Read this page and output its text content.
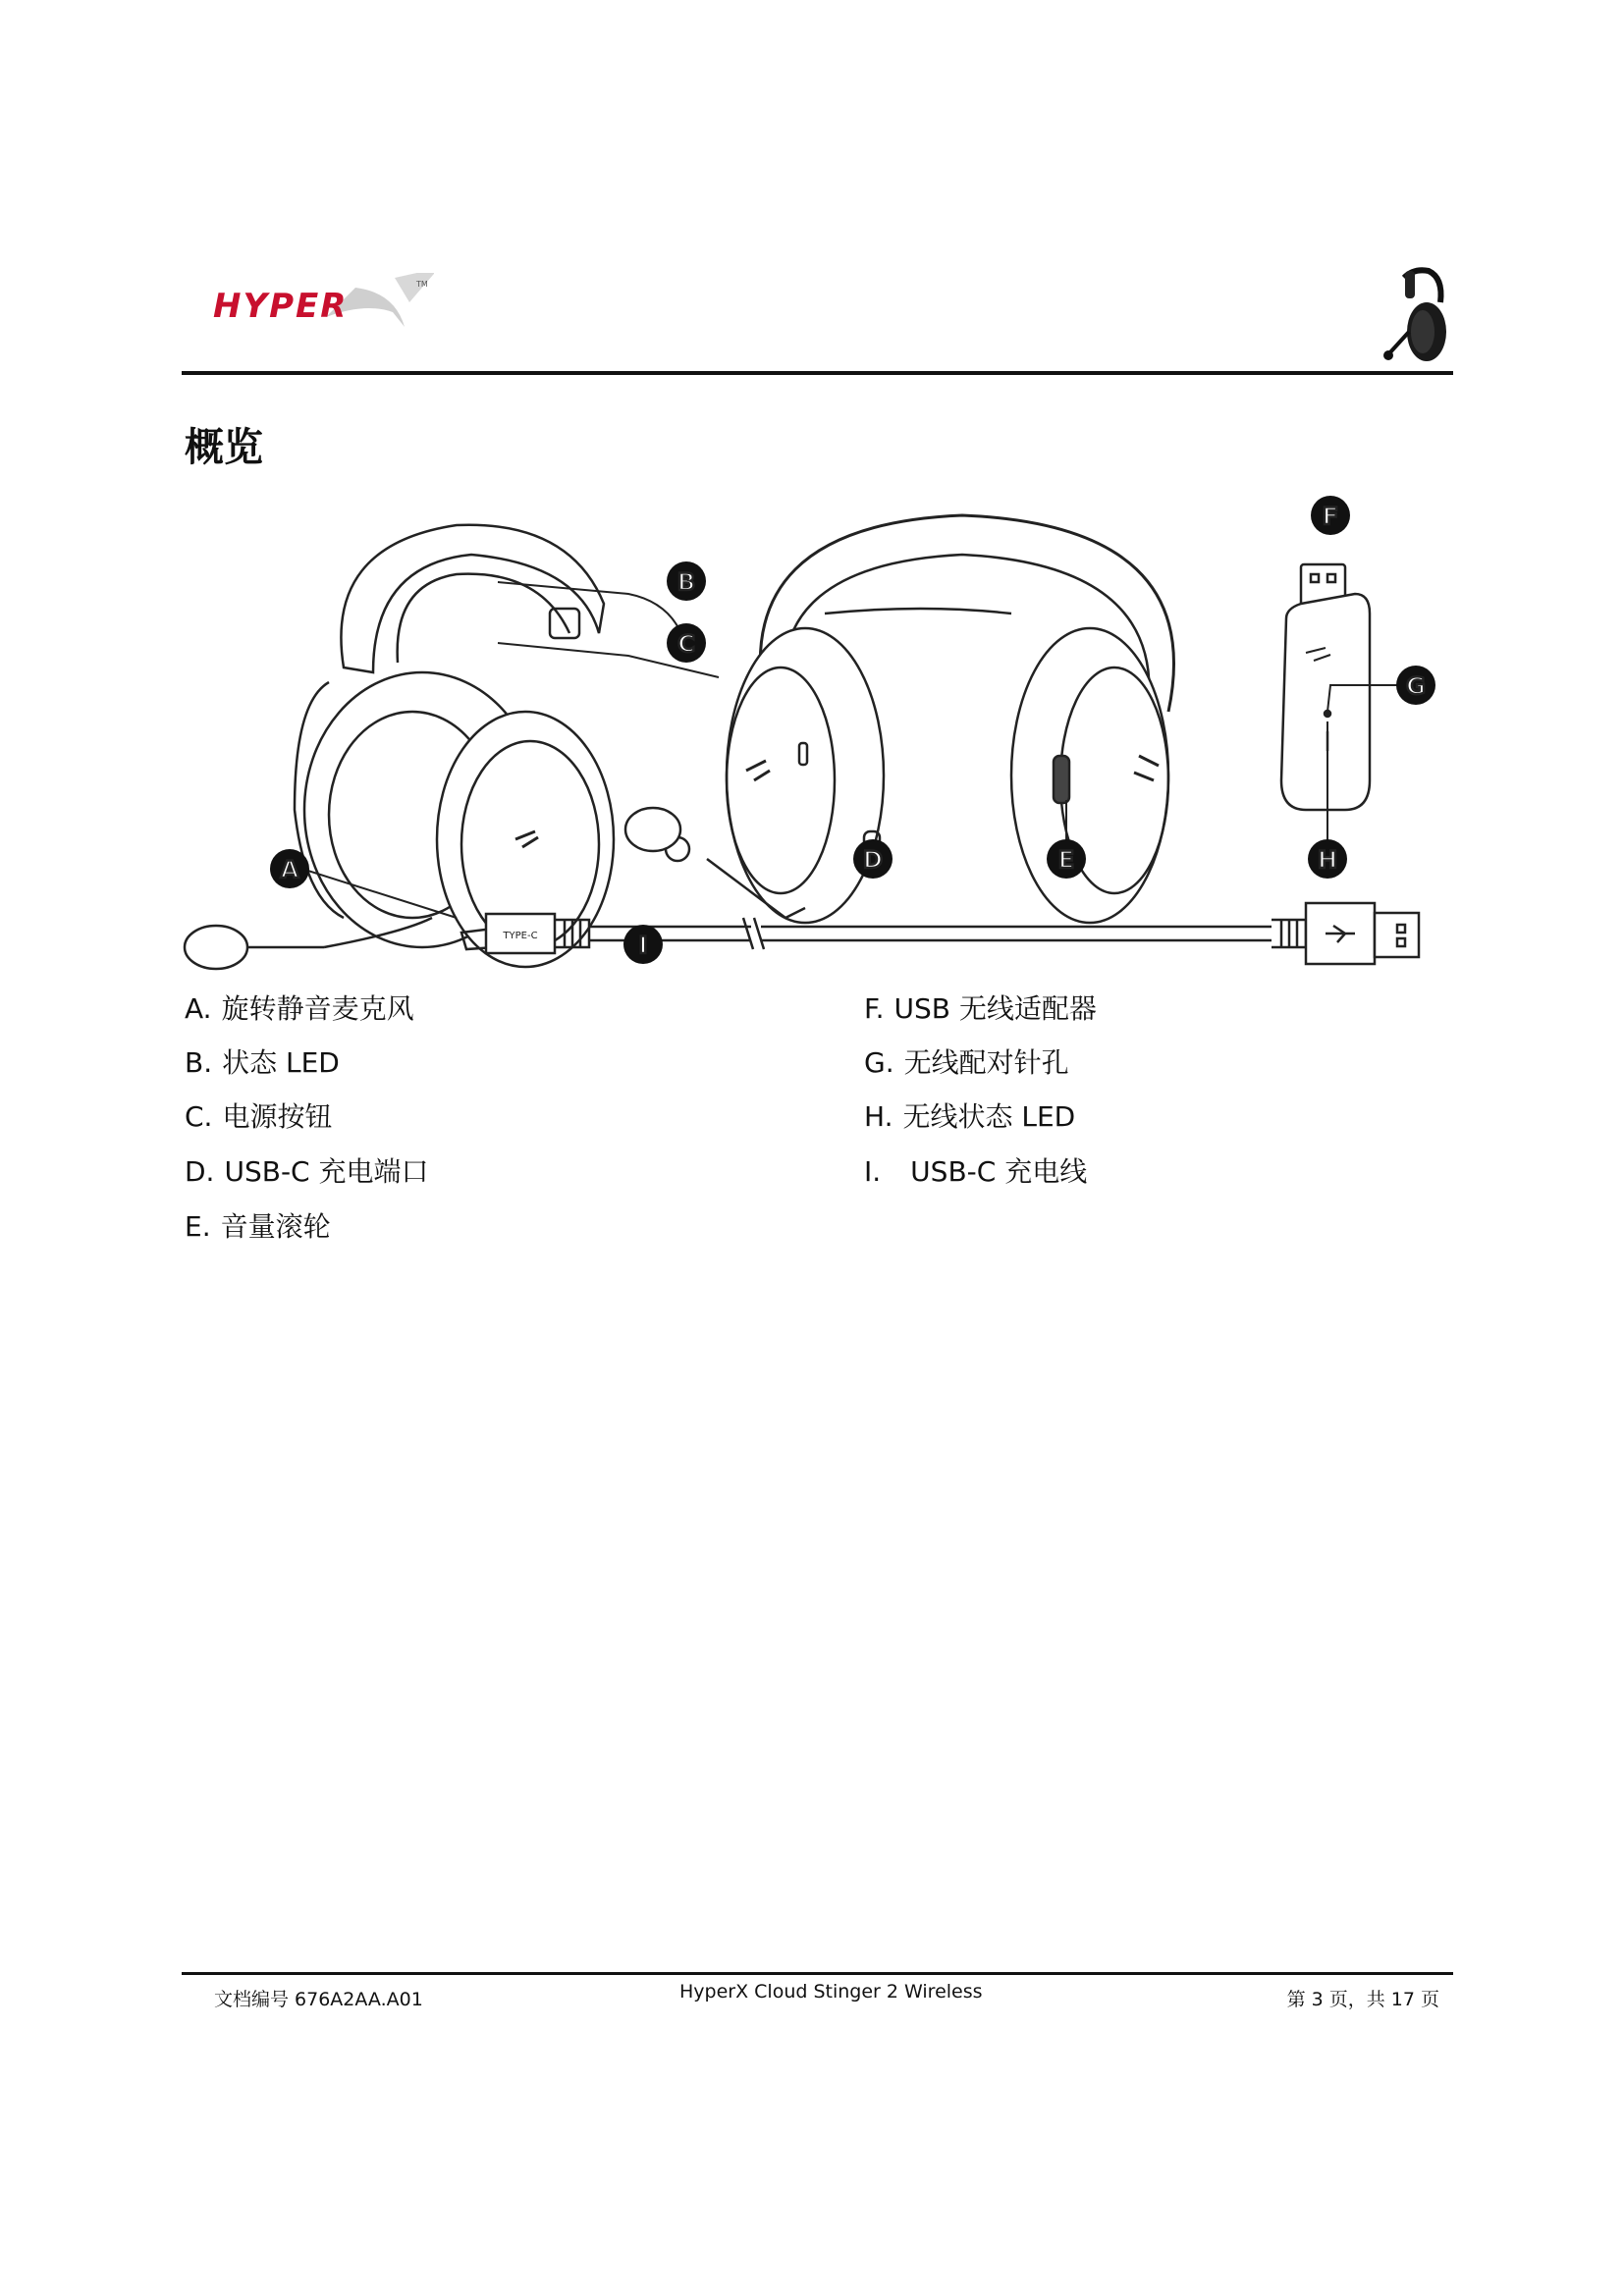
HYPER
TM
概览
TYPE-C
A
B
C
D	E
F
G
H
I
A. 旋转静音麦克风
B. 状态 LED
C. 电源按钮
D. USB-C 充电端口
E. 音量滚轮
F. USB 无线适配器
G. 无线配对针孔
H. 无线状态 LED
I. USB-C 充电线
文档编号 676A2AA.A01	HyperX Cloud Stinger 2 Wireless	第 3 页，共 17 页
